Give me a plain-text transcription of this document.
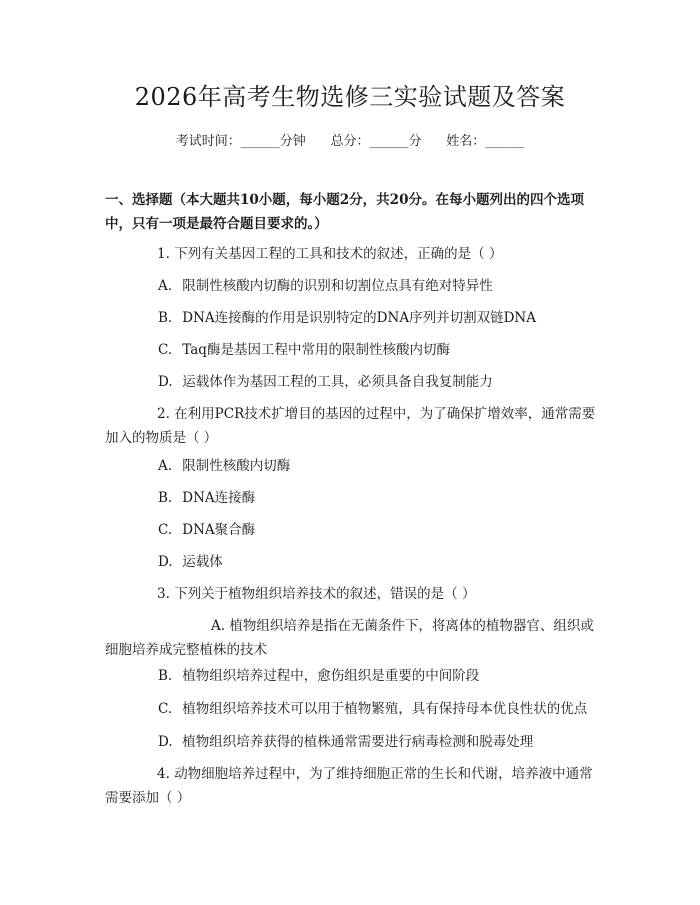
2026年高考生物选修三实验试题及答案
考试时间：______分钟      总分：______分      姓名：______
一、选择题（本大题共10小题，每小题2分，共20分。在每小题列出的四个选项中，只有一项是最符合题目要求的。）
1. 下列有关基因工程的工具和技术的叙述，正确的是（ ）
A. 限制性核酸内切酶的识别和切割位点具有绝对特异性
B. DNA连接酶的作用是识别特定的DNA序列并切割双链DNA
C. Taq酶是基因工程中常用的限制性核酸内切酶
D. 运载体作为基因工程的工具，必须具备自我复制能力
2. 在利用PCR技术扩增目的基因的过程中，为了确保扩增效率，通常需要加入的物质是（ ）
A. 限制性核酸内切酶
B. DNA连接酶
C. DNA聚合酶
D. 运载体
3. 下列关于植物组织培养技术的叙述，错误的是（ ）
A. 植物组织培养是指在无菌条件下，将离体的植物器官、组织或细胞培养成完整植株的技术
B. 植物组织培养过程中，愈伤组织是重要的中间阶段
C. 植物组织培养技术可以用于植物繁殖，具有保持母本优良性状的优点
D. 植物组织培养获得的植株通常需要进行病毒检测和脱毒处理
4. 动物细胞培养过程中，为了维持细胞正常的生长和代谢，培养液中通常需要添加（ ）
